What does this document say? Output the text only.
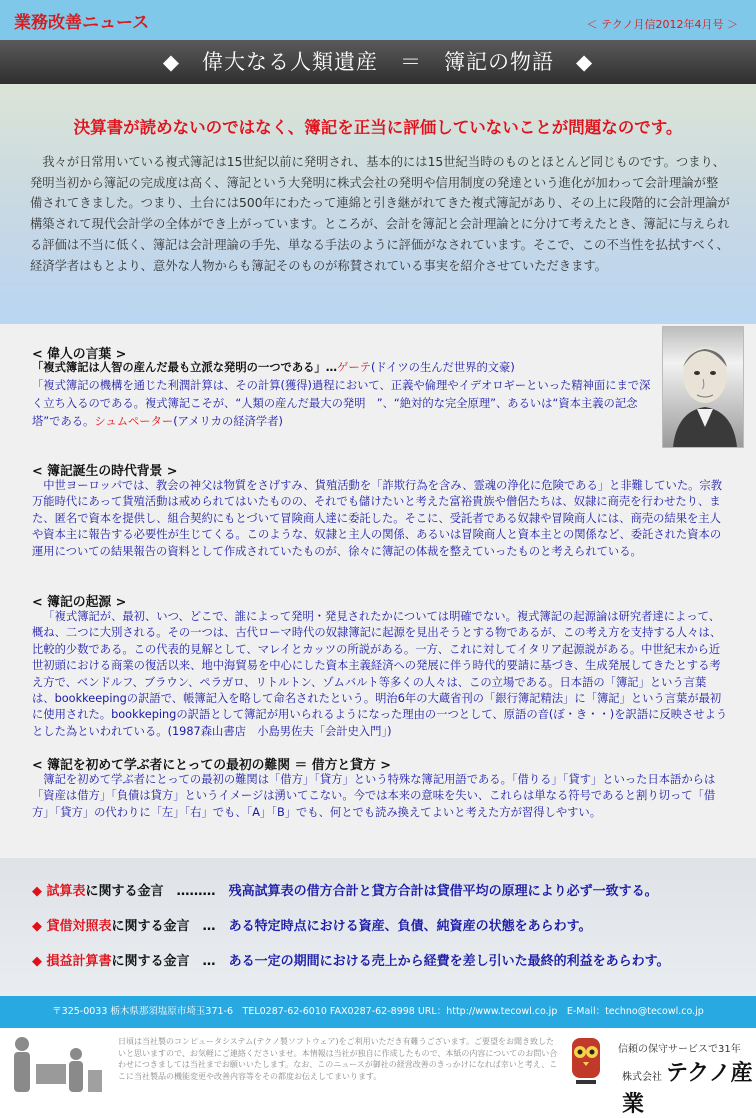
業務改善ニュース	＜ テクノ月信2012年4月号 ＞
◆　偉大なる人類遺産　＝　簿記の物語　◆
決算書が読めないのではなく、簿記を正当に評価していないことが問題なのです。
我々が日常用いている複式簿記は15世紀以前に発明され、基本的には15世紀当時のものとほとんど同じものです。つまり、発明当初から簿記の完成度は高く、簿記という大発明に株式会社の発明や信用制度の発達という進化が加わって会計理論が整備されてきました。つまり、土台には500年にわたって連綿と引き継がれてきた複式簿記があり、その上に段階的に会計理論が構築されて現代会計学の全体ができ上がっています。ところが、会計を簿記と会計理論とに分けて考えたとき、簿記に与えられる評価は不当に低く、簿記は会計理論の手先、単なる手法のように評価がなされています。そこで、この不当性を払拭すべく、経済学者はもとより、意外な人物からも簿記そのものが称賛されている事実を紹介させていただきます。
< 偉人の言葉 >
「複式簿記は人智の産んだ最も立派な発明の一つである」…ゲーテ(ドイツの生んだ世界的文豪)
「複式簿記の機構を通じた利潤計算は、その計算(獲得)過程において、正義や倫理やイデオロギーといった精神面にまで深く立ち入るのである。複式簿記こそが、“人類の産んだ最大の発明　”、“絶対的な完全原理”、あるいは“資本主義の記念塔”である。シュムペーター(アメリカの経済学者)
< 簿記誕生の時代背景 >
中世ヨーロッパでは、教会の神父は物質をさげすみ、貨殖活動を「詐欺行為を含み、霊魂の浄化に危険である」と非難していた。宗教万能時代にあって貨殖活動は戒められてはいたものの、それでも儲けたいと考えた富裕貴族や僧侶たちは、奴隷に商売を行わせたり、また、匿名で資本を提供し、組合契約にもとづいて冒険商人達に委託した。そこに、受託者である奴隷や冒険商人には、商売の結果を主人や資本主に報告する必要性が生じてくる。このような、奴隷と主人の関係、あるいは冒険商人と資本主との関係など、委託された資本の運用についての結果報告の資料として作成されていたものが、徐々に簿記の体裁を整えていったものと考えられている。
< 簿記の起源 >
「複式簿記が、最初、いつ、どこで、誰によって発明・発見されたかについては明確でない。複式簿記の起源論は研究者達によって、概ね、二つに大別される。その一つは、古代ローマ時代の奴隷簿記に起源を見出そうとする物であるが、この考え方を支持する人々は、比較的少数である。この代表的見解として、マレイとカッツの所説がある。一方、これに対してイタリア起源説がある。中世紀末から近世初頭における商業の復活以来、地中海貿易を中心にした資本主義経済への発展に伴う時代的要請に基づき、生成発展してきたとする考え方で、ベンドルフ、ブラウン、ペラガロ、リトルトン、ゾムバルト等多くの人々は、この立場である。日本語の「簿記」という言葉は、bookkeepingの訳語で、帳簿記入を略して命名されたという。明治6年の大蔵省刊の「銀行簿記精法」に「簿記」という言葉が最初に使用された。bookkepingの訳語として簿記が用いられるようになった理由の一つとして、原語の音(ぼ・き・・)を訳語に反映させようとした為といわれている。(1987森山書店　小島男佐夫「会計史入門」)
< 簿記を初めて学ぶ者にとっての最初の難関 ＝ 借方と貸方 >
簿記を初めて学ぶ者にとっての最初の難関は「借方」「貸方」という特殊な簿記用語である。「借りる」「貸す」といった日本語からは「資産は借方」「負債は貸方」というイメージは湧いてこない。今では本来の意味を失い、これらは単なる符号であると割り切って「借方」「貸方」の代わりに「左」「右」でも、「A」「B」でも、何とでも読み換えてよいと考えた方が習得しやすい。
◆ 試算表に関する金言　………　 残高試算表の借方合計と貸方合計は貸借平均の原理により必ず一致する。
◆ 貸借対照表に関する金言　…　 ある特定時点における資産、負債、純資産の状態をあらわす。
◆ 損益計算書に関する金言　…　 ある一定の期間における売上から経費を差し引いた最終的利益をあらわす。
〒325-0033 栃木県那須塩原市埼玉371-6　TEL0287-62-6010 FAX0287-62-8998 URL：http://www.tecowl.co.jp　E-Mail：techno@tecowl.co.jp
日頃は当社製のコンピュータシステム(テクノ製ソフトウェア)をご利用いただき有難うございます。ご要望をお聞き致したいと思いますので、お気軽にご連絡くださいませ。本情報は当社が独自に作成したもので、本紙の内容についてのお問い合わせにつきましては当社までお願いいたします。なお、このニュースが御社の経営改善のきっかけになれば幸いと考え、ここに当社製品の機能変更や改善内容等をその都度お伝えしてまいります。
信頼の保守サービスで31年
株式会社 テクノ産業
